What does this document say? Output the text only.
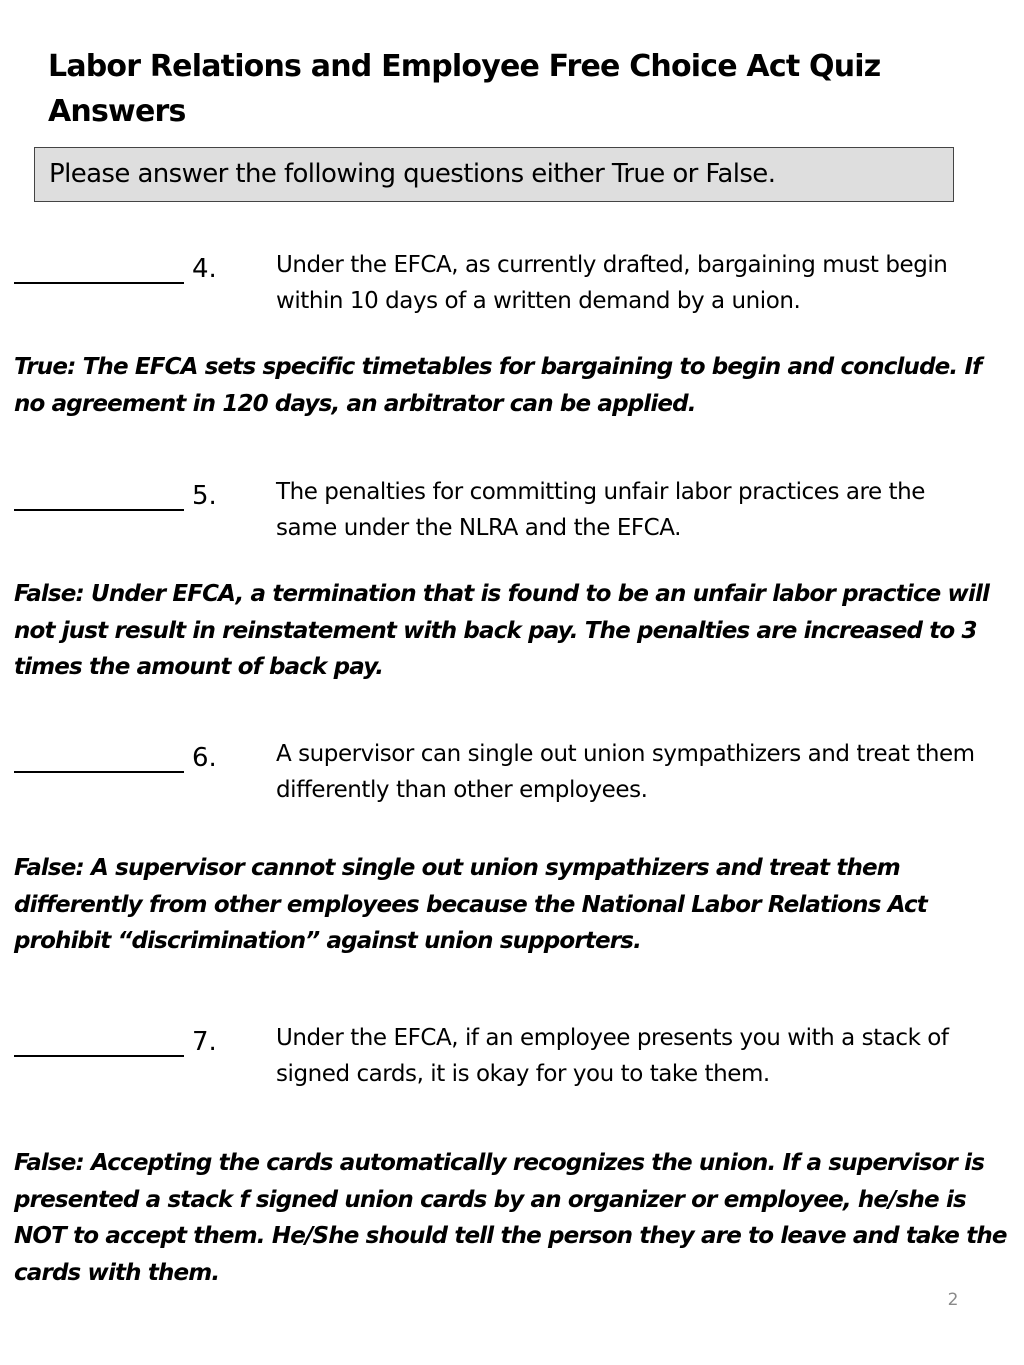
Labor Relations and Employee Free Choice Act Quiz Answers
Please answer the following questions either True or False.
4.	Under the EFCA, as currently drafted, bargaining must begin within 10 days of a written demand by a union.
True: The EFCA sets specific timetables for bargaining to begin and conclude. If no agreement in 120 days, an arbitrator can be applied.
5.	The penalties for committing unfair labor practices are the same under the NLRA and the EFCA.
False: Under EFCA, a termination that is found to be an unfair labor practice will not just result in reinstatement with back pay. The penalties are increased to 3 times the amount of back pay.
6.	A supervisor can single out union sympathizers and treat them differently than other employees.
False: A supervisor cannot single out union sympathizers and treat them differently from other employees because the National Labor Relations Act prohibit “discrimination” against union supporters.
7.	Under the EFCA, if an employee presents you with a stack of signed cards, it is okay for you to take them.
False: Accepting the cards automatically recognizes the union. If a supervisor is presented a stack f signed union cards by an organizer or employee, he/she is NOT to accept them. He/She should tell the person they are to leave and take the cards with them.
2
